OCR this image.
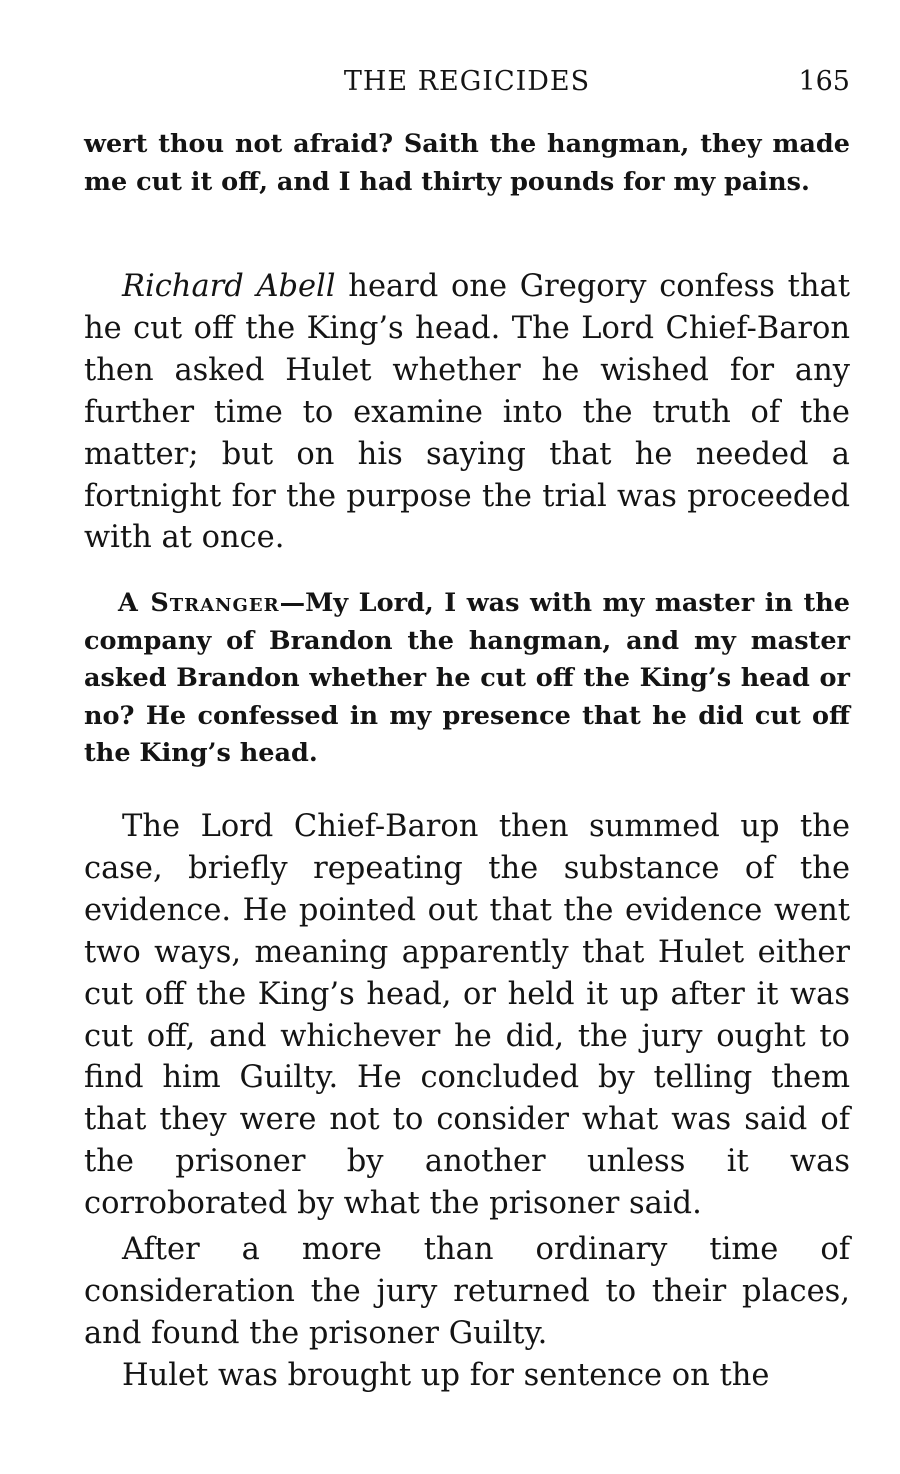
THE REGICIDES	165

wert thou not afraid? Saith the hangman, they made me cut it off, and I had thirty pounds for my pains.

Richard Abell heard one Gregory confess that he cut off the King’s head. The Lord Chief-Baron then asked Hulet whether he wished for any further time to examine into the truth of the matter; but on his saying that he needed a fortnight for the purpose the trial was proceeded with at once.

A Stranger—My Lord, I was with my master in the company of Brandon the hangman, and my master asked Brandon whether he cut off the King’s head or no? He confessed in my presence that he did cut off the King’s head.

The Lord Chief-Baron then summed up the case, briefly repeating the substance of the evidence. He pointed out that the evidence went two ways, meaning apparently that Hulet either cut off the King’s head, or held it up after it was cut off, and whichever he did, the jury ought to find him Guilty. He concluded by telling them that they were not to consider what was said of the prisoner by another unless it was corroborated by what the prisoner said.

After a more than ordinary time of consideration the jury returned to their places, and found the prisoner Guilty.

Hulet was brought up for sentence on the
